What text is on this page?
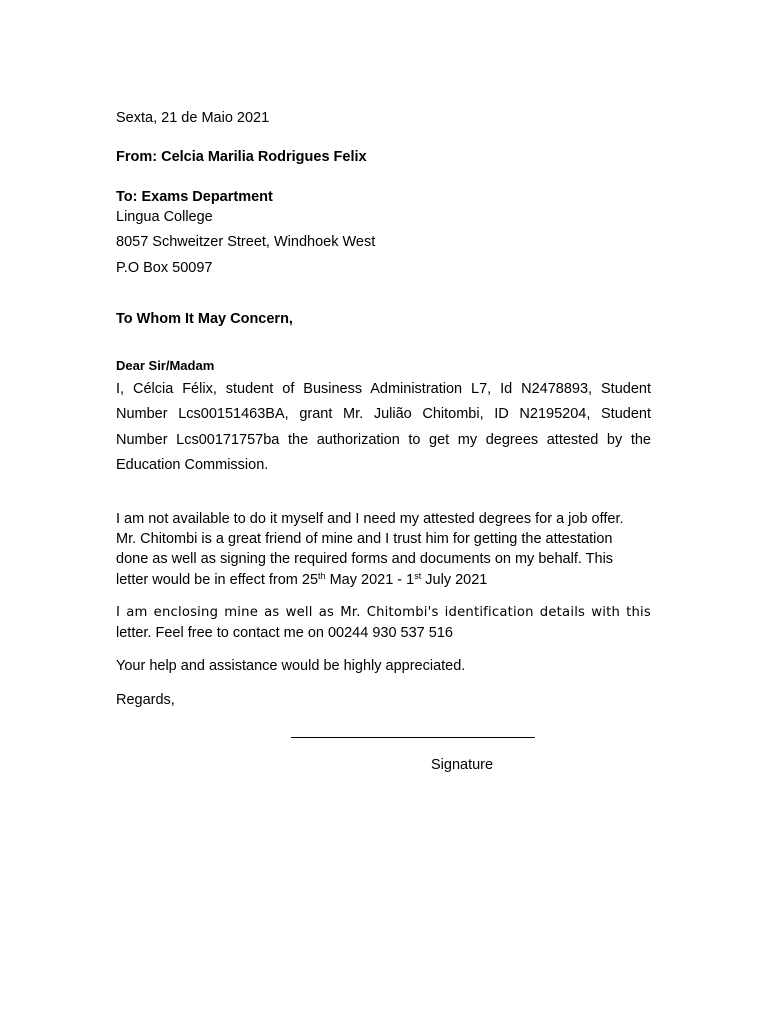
Sexta, 21 de Maio 2021
From: Celcia Marilia Rodrigues Felix
To: Exams Department
Lingua College
8057 Schweitzer Street, Windhoek West
P.O Box 50097
To Whom It May Concern,
Dear Sir/Madam
I, Célcia Félix, student of Business Administration L7, Id N2478893, Student
Number Lcs00151463BA, grant Mr. Julião Chitombi, ID N2195204, Student
Number Lcs00171757ba the authorization to get my degrees attested by the
Education Commission.
I am not available to do it myself and I need my attested degrees for a job offer.
Mr. Chitombi is a great friend of mine and I trust him for getting the attestation
done as well as signing the required forms and documents on my behalf. This
letter would be in effect from 25th May 2021 - 1st July 2021
I am enclosing mine as well as Mr. Chitombi's identification details with this
letter. Feel free to contact me on 00244 930 537 516
Your help and assistance would be highly appreciated.
Regards,
Signature
